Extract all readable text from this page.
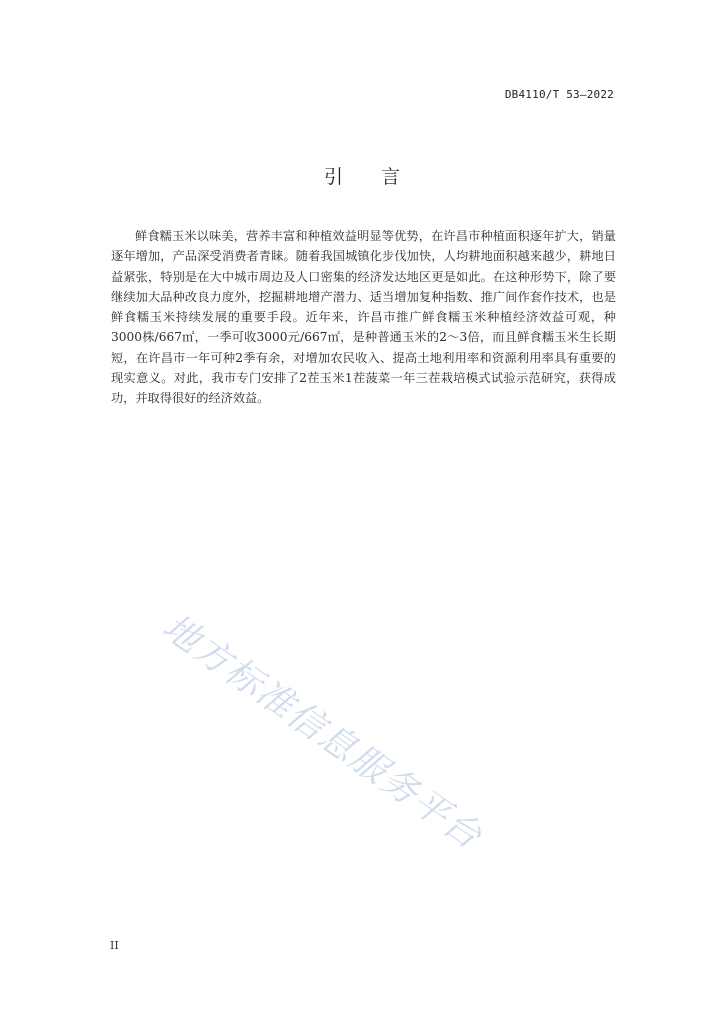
DB4110/T 53—2022
引言

鲜食糯玉米以味美，营养丰富和种植效益明显等优势，在许昌市种植面积逐年扩大，销量逐年增加，产品深受消费者青睐。随着我国城镇化步伐加快，人均耕地面积越来越少，耕地日益紧张，特别是在大中城市周边及人口密集的经济发达地区更是如此。在这种形势下，除了要继续加大品种改良力度外，挖掘耕地增产潜力、适当增加复种指数、推广间作套作技术，也是鲜食糯玉米持续发展的重要手段。近年来，许昌市推广鲜食糯玉米种植经济效益可观，种3000株/667㎡，一季可收3000元/667㎡，是种普通玉米的2～3倍，而且鲜食糯玉米生长期短，在许昌市一年可种2季有余，对增加农民收入、提高土地利用率和资源利用率具有重要的现实意义。对此，我市专门安排了2茬玉米1茬菠菜一年三茬栽培模式试验示范研究，获得成功，并取得很好的经济效益。

地方标准信息服务平台
II
